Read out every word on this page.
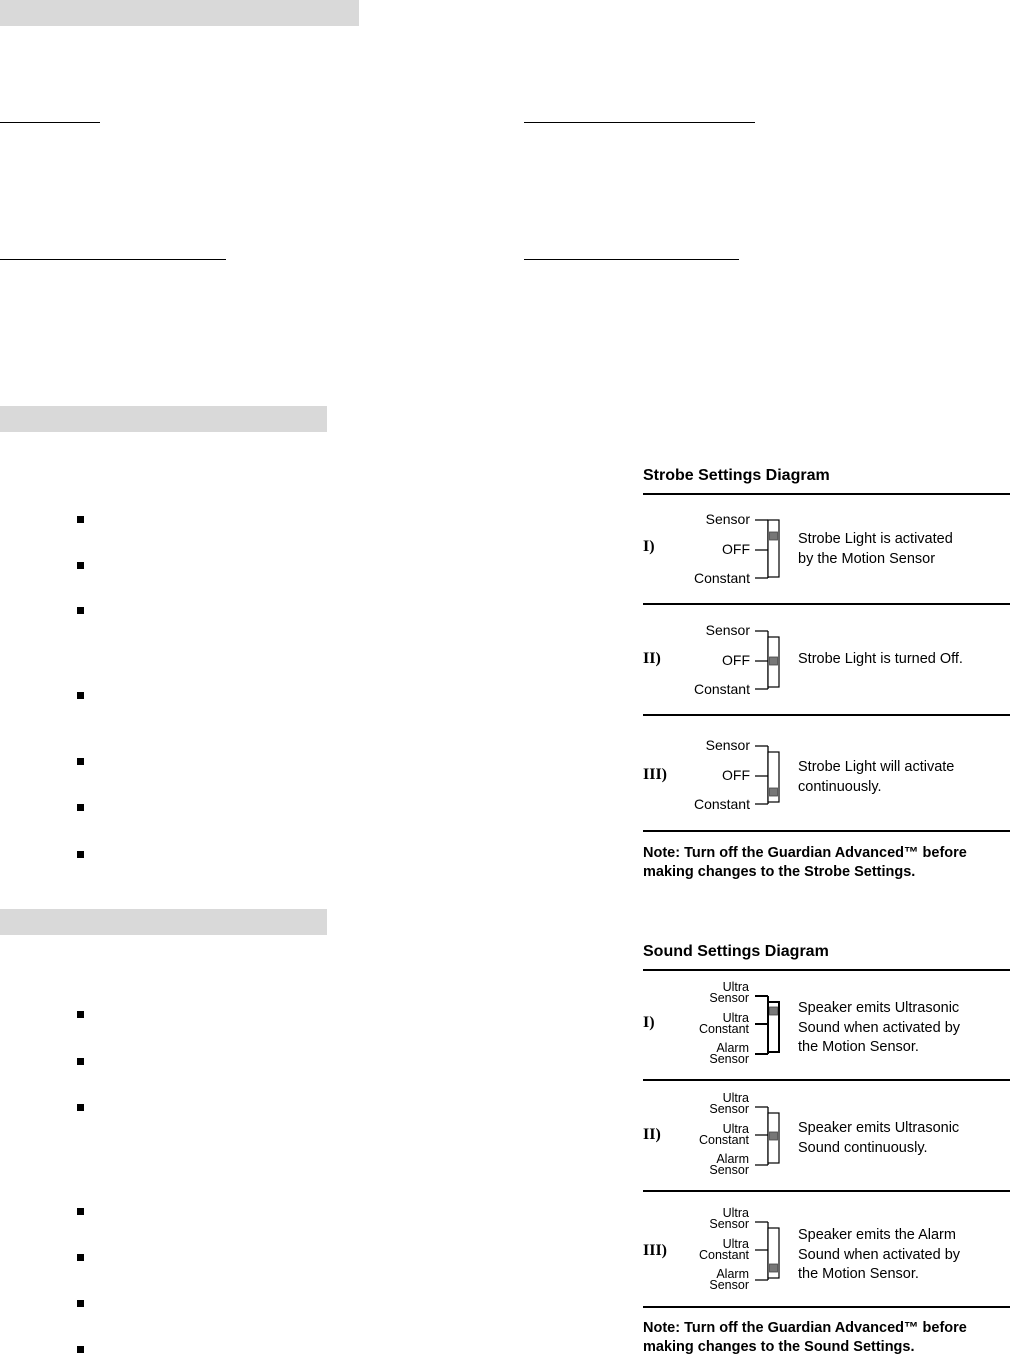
Strobe Settings Diagram
I)
Sensor
OFF
Constant
Strobe Light is activated
by the Motion Sensor
II)
Sensor
OFF
Constant
Strobe Light is turned Off.
III)
Sensor
OFF
Constant
Strobe Light will activate
continuously.
Note: Turn off the Guardian Advanced™ before
making changes to the Strobe Settings.
Sound Settings Diagram
I)
Ultra
Sensor
Ultra
Constant
Alarm
Sensor
Speaker emits Ultrasonic
Sound when activated by
the Motion Sensor.
II)
Ultra
Sensor
Ultra
Constant
Alarm
Sensor
Speaker emits Ultrasonic
Sound continuously.
III)
Ultra
Sensor
Ultra
Constant
Alarm
Sensor
Speaker emits the Alarm
Sound when activated by
the Motion Sensor.
Note: Turn off the Guardian Advanced™ before
making changes to the Sound Settings.
